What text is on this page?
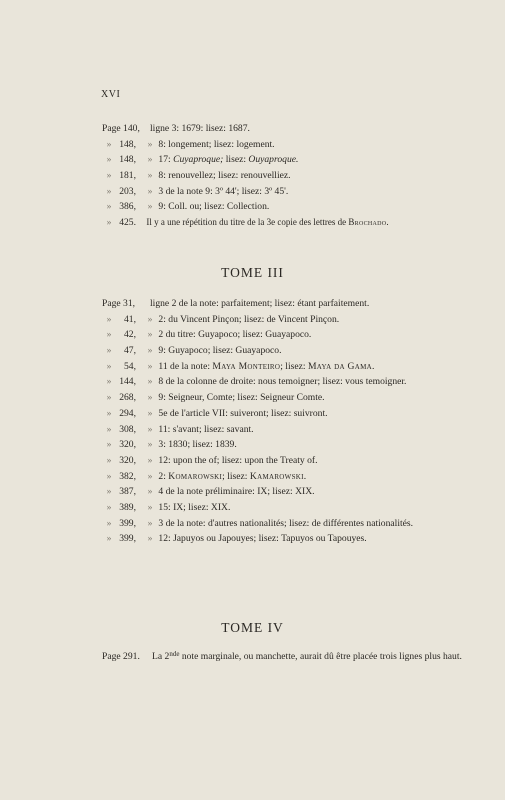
XVI
Page 140, ligne 3: 1679: lisez: 1687.
» 148, » 8: longement; lisez: logement.
» 148, » 17: Cuyaproque; lisez: Ouyaproque.
» 181, » 8: renouvellez; lisez: renouvelliez.
» 203, » 3 de la note 9: 3º 44'; lisez: 3º 45'.
» 386, » 9: Coll. ou; lisez: Collection.
» 425. Il y a une répétition du titre de la 3e copie des lettres de Brochado.
TOME III
Page 31, ligne 2 de la note: parfaitement; lisez: étant parfaitement.
» 41, » 2: du Vincent Pinçon; lisez: de Vincent Pinçon.
» 42, » 2 du titre: Guyapoco; lisez: Guayapoco.
» 47, » 9: Guyapoco; lisez: Guayapoco.
» 54, » 11 de la note: Maya Monteiro; lisez: Maya da Gama.
» 144, » 8 de la colonne de droite: nous temoigner; lisez: vous temoigner.
» 268, » 9: Seigneur, Comte; lisez: Seigneur Comte.
» 294, » 5e de l'article VII: suiveront; lisez: suivront.
» 308, » 11: s'avant; lisez: savant.
» 320, » 3: 1830; lisez: 1839.
» 320, » 12: upon the of; lisez: upon the Treaty of.
» 382, » 2: Komarowski; lisez: Kamarowski.
» 387, » 4 de la note préliminaire: IX; lisez: XIX.
» 389, » 15: IX; lisez: XIX.
» 399, » 3 de la note: d'autres nationalités; lisez: de différentes nationalités.
» 399, » 12: Japuyos ou Japouyes; lisez: Tapuyos ou Tapouyes.
TOME IV
Page 291. La 2nde note marginale, ou manchette, aurait dû être placée trois lignes plus haut.
